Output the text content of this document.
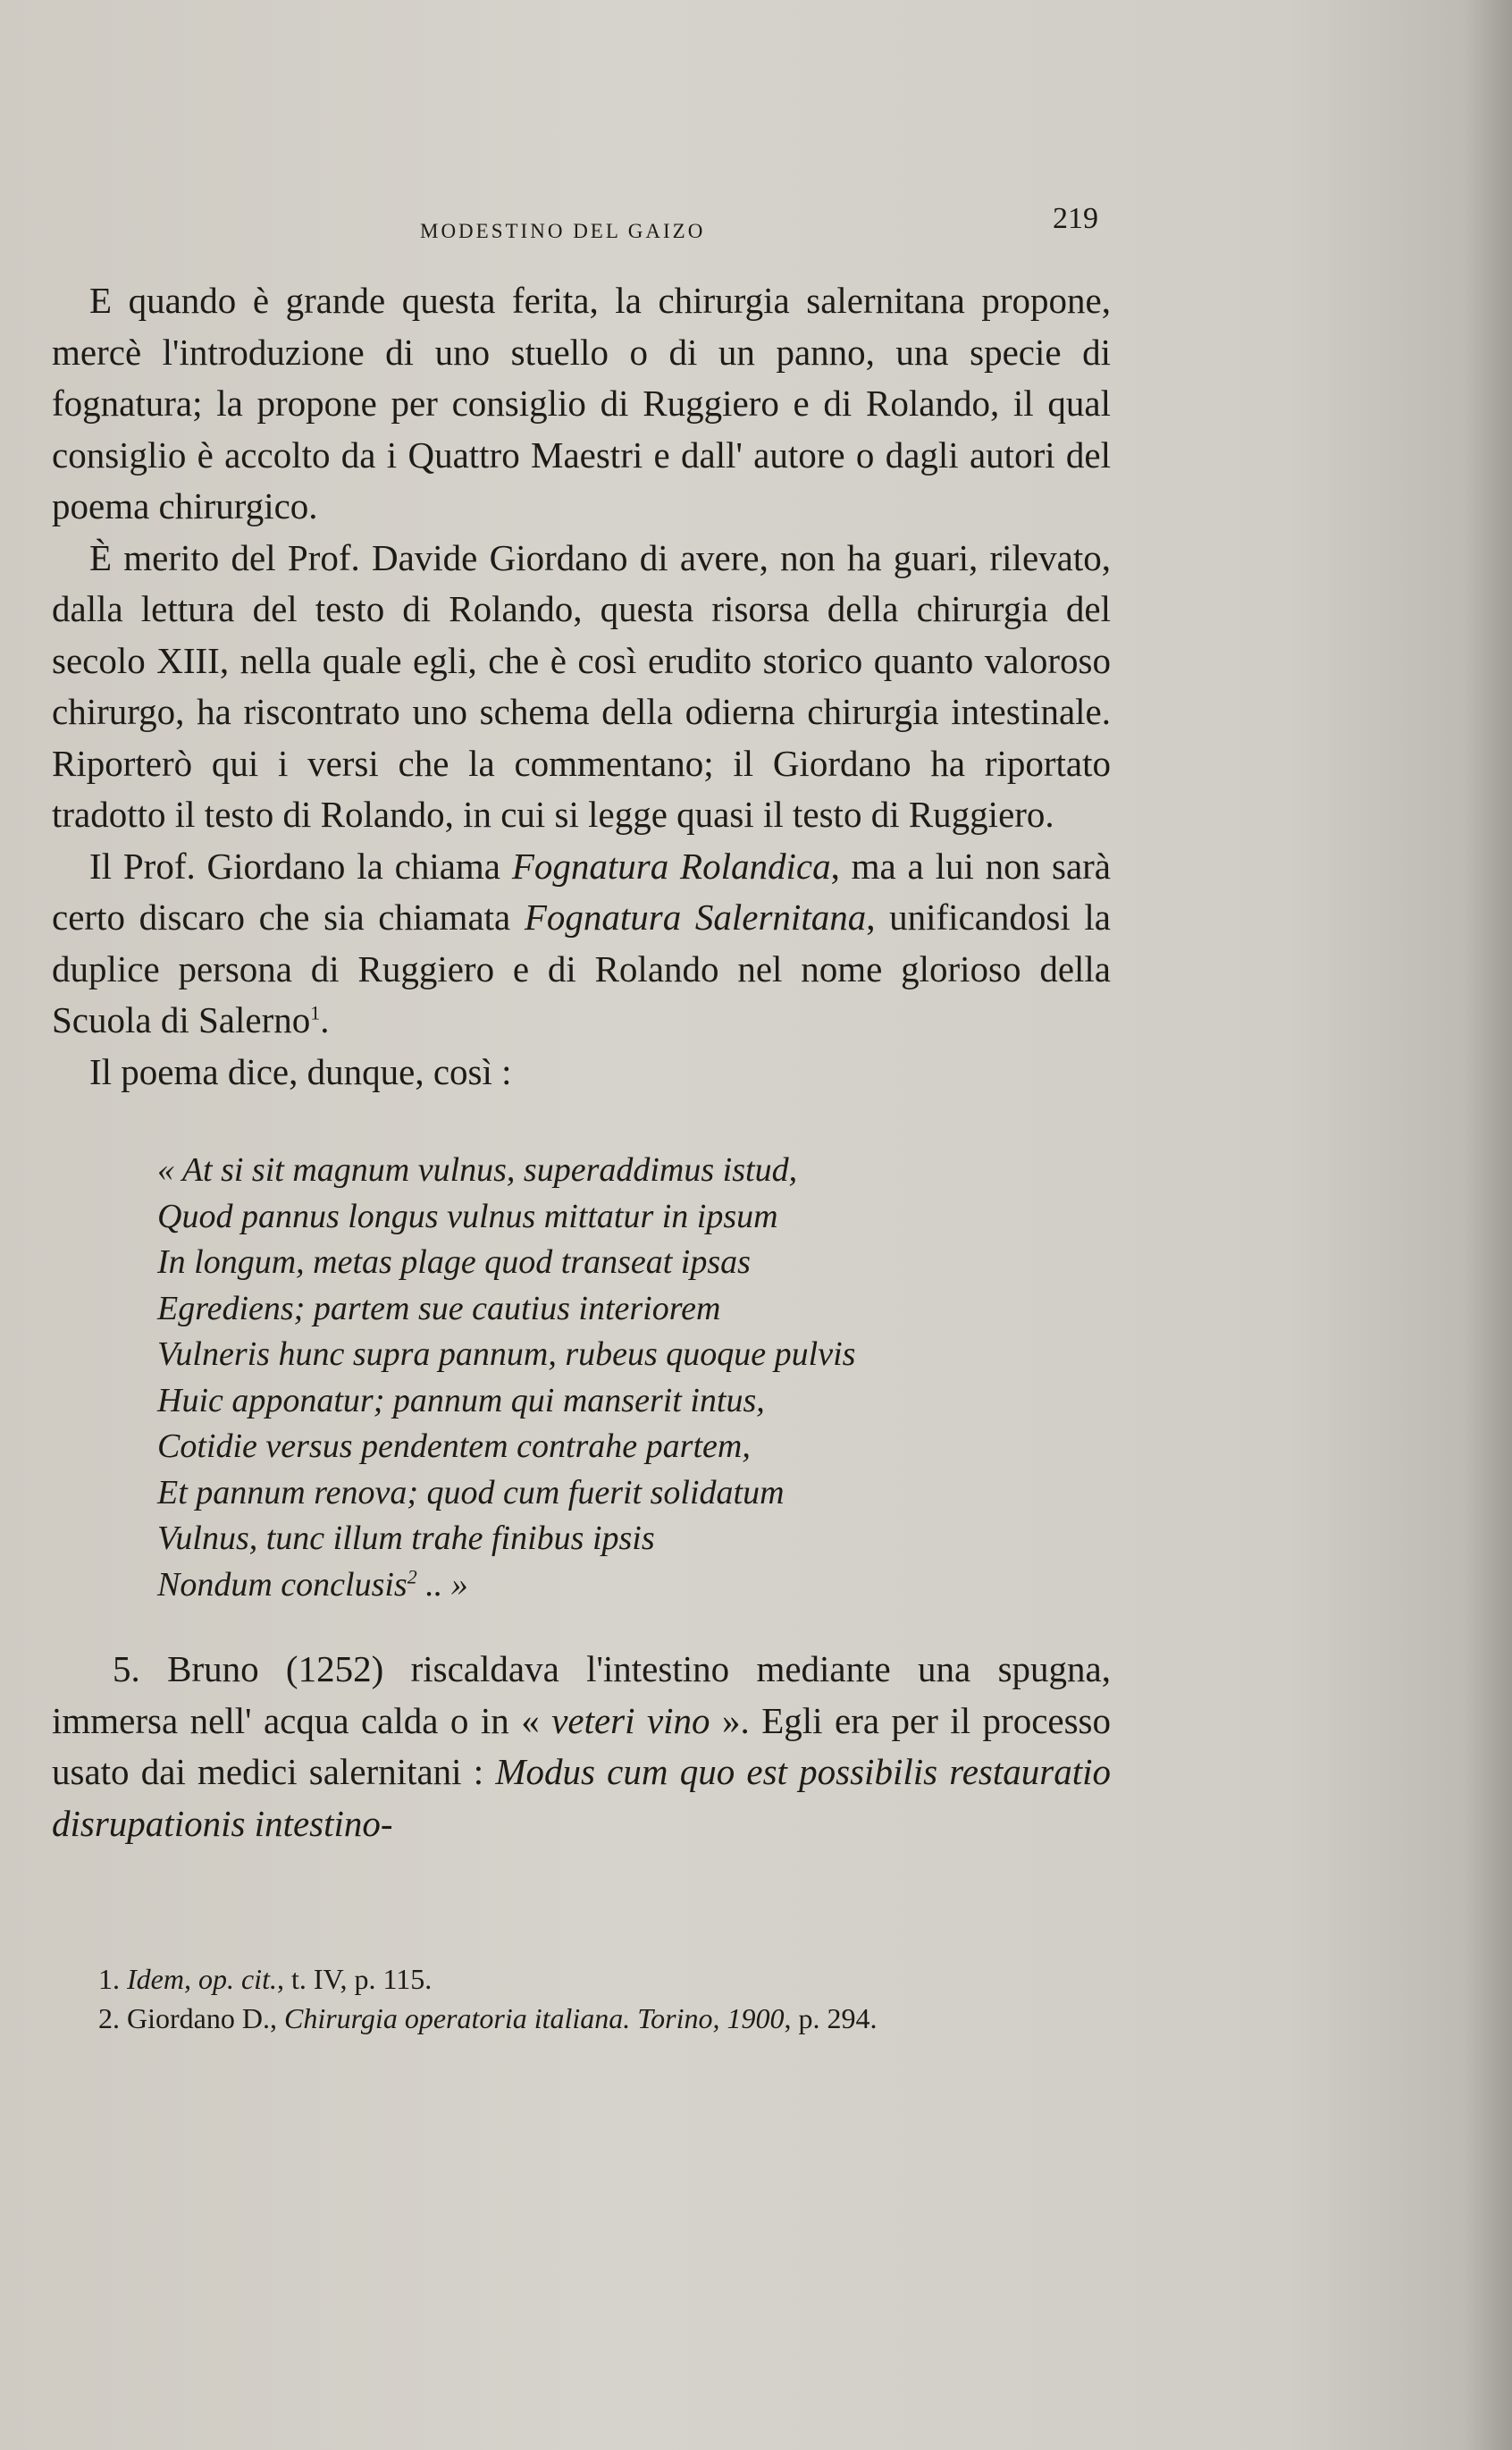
MODESTINO DEL GAIZO	219

E quando è grande questa ferita, la chirurgia salernitana propone, mercè l'introduzione di uno stuello o di un panno, una specie di fognatura; la propone per consiglio di Ruggiero e di Rolando, il qual consiglio è accolto da i Quattro Maestri e dall' autore o dagli autori del poema chirurgico.

È merito del Prof. Davide Giordano di avere, non ha guari, rilevato, dalla lettura del testo di Rolando, questa risorsa della chirurgia del secolo XIII, nella quale egli, che è così erudito storico quanto valoroso chirurgo, ha riscontrato uno schema della odierna chirurgia intestinale. Riporterò qui i versi che la commentano; il Giordano ha riportato tradotto il testo di Rolando, in cui si legge quasi il testo di Ruggiero.

Il Prof. Giordano la chiama Fognatura Rolandica, ma a lui non sarà certo discaro che sia chiamata Fognatura Salernitana, unificandosi la duplice persona di Ruggiero e di Rolando nel nome glorioso della Scuola di Salerno$^1$.

Il poema dice, dunque, così :

« At si sit magnum vulnus, superaddimus istud,
Quod pannus longus vulnus mittatur in ipsum
In longum, metas plage quod transeat ipsas
Egrediens; partem sue cautius interiorem
Vulneris hunc supra pannum, rubeus quoque pulvis
Huic apponatur; pannum qui manserit intus,
Cotidie versus pendentem contrahe partem,
Et pannum renova; quod cum fuerit solidatum
Vulnus, tunc illum trahe finibus ipsis
Nondum conclusis$^2$ .. »

5. Bruno (1252) riscaldava l'intestino mediante una spugna, immersa nell' acqua calda o in « veteri vino ». Egli era per il processo usato dai medici salernitani : Modus cum quo est possibilis restauratio disrupationis intestino-

1. Idem, op. cit., t. IV, p. 115.
2. Giordano D., Chirurgia operatoria italiana. Torino, 1900, p. 294.
